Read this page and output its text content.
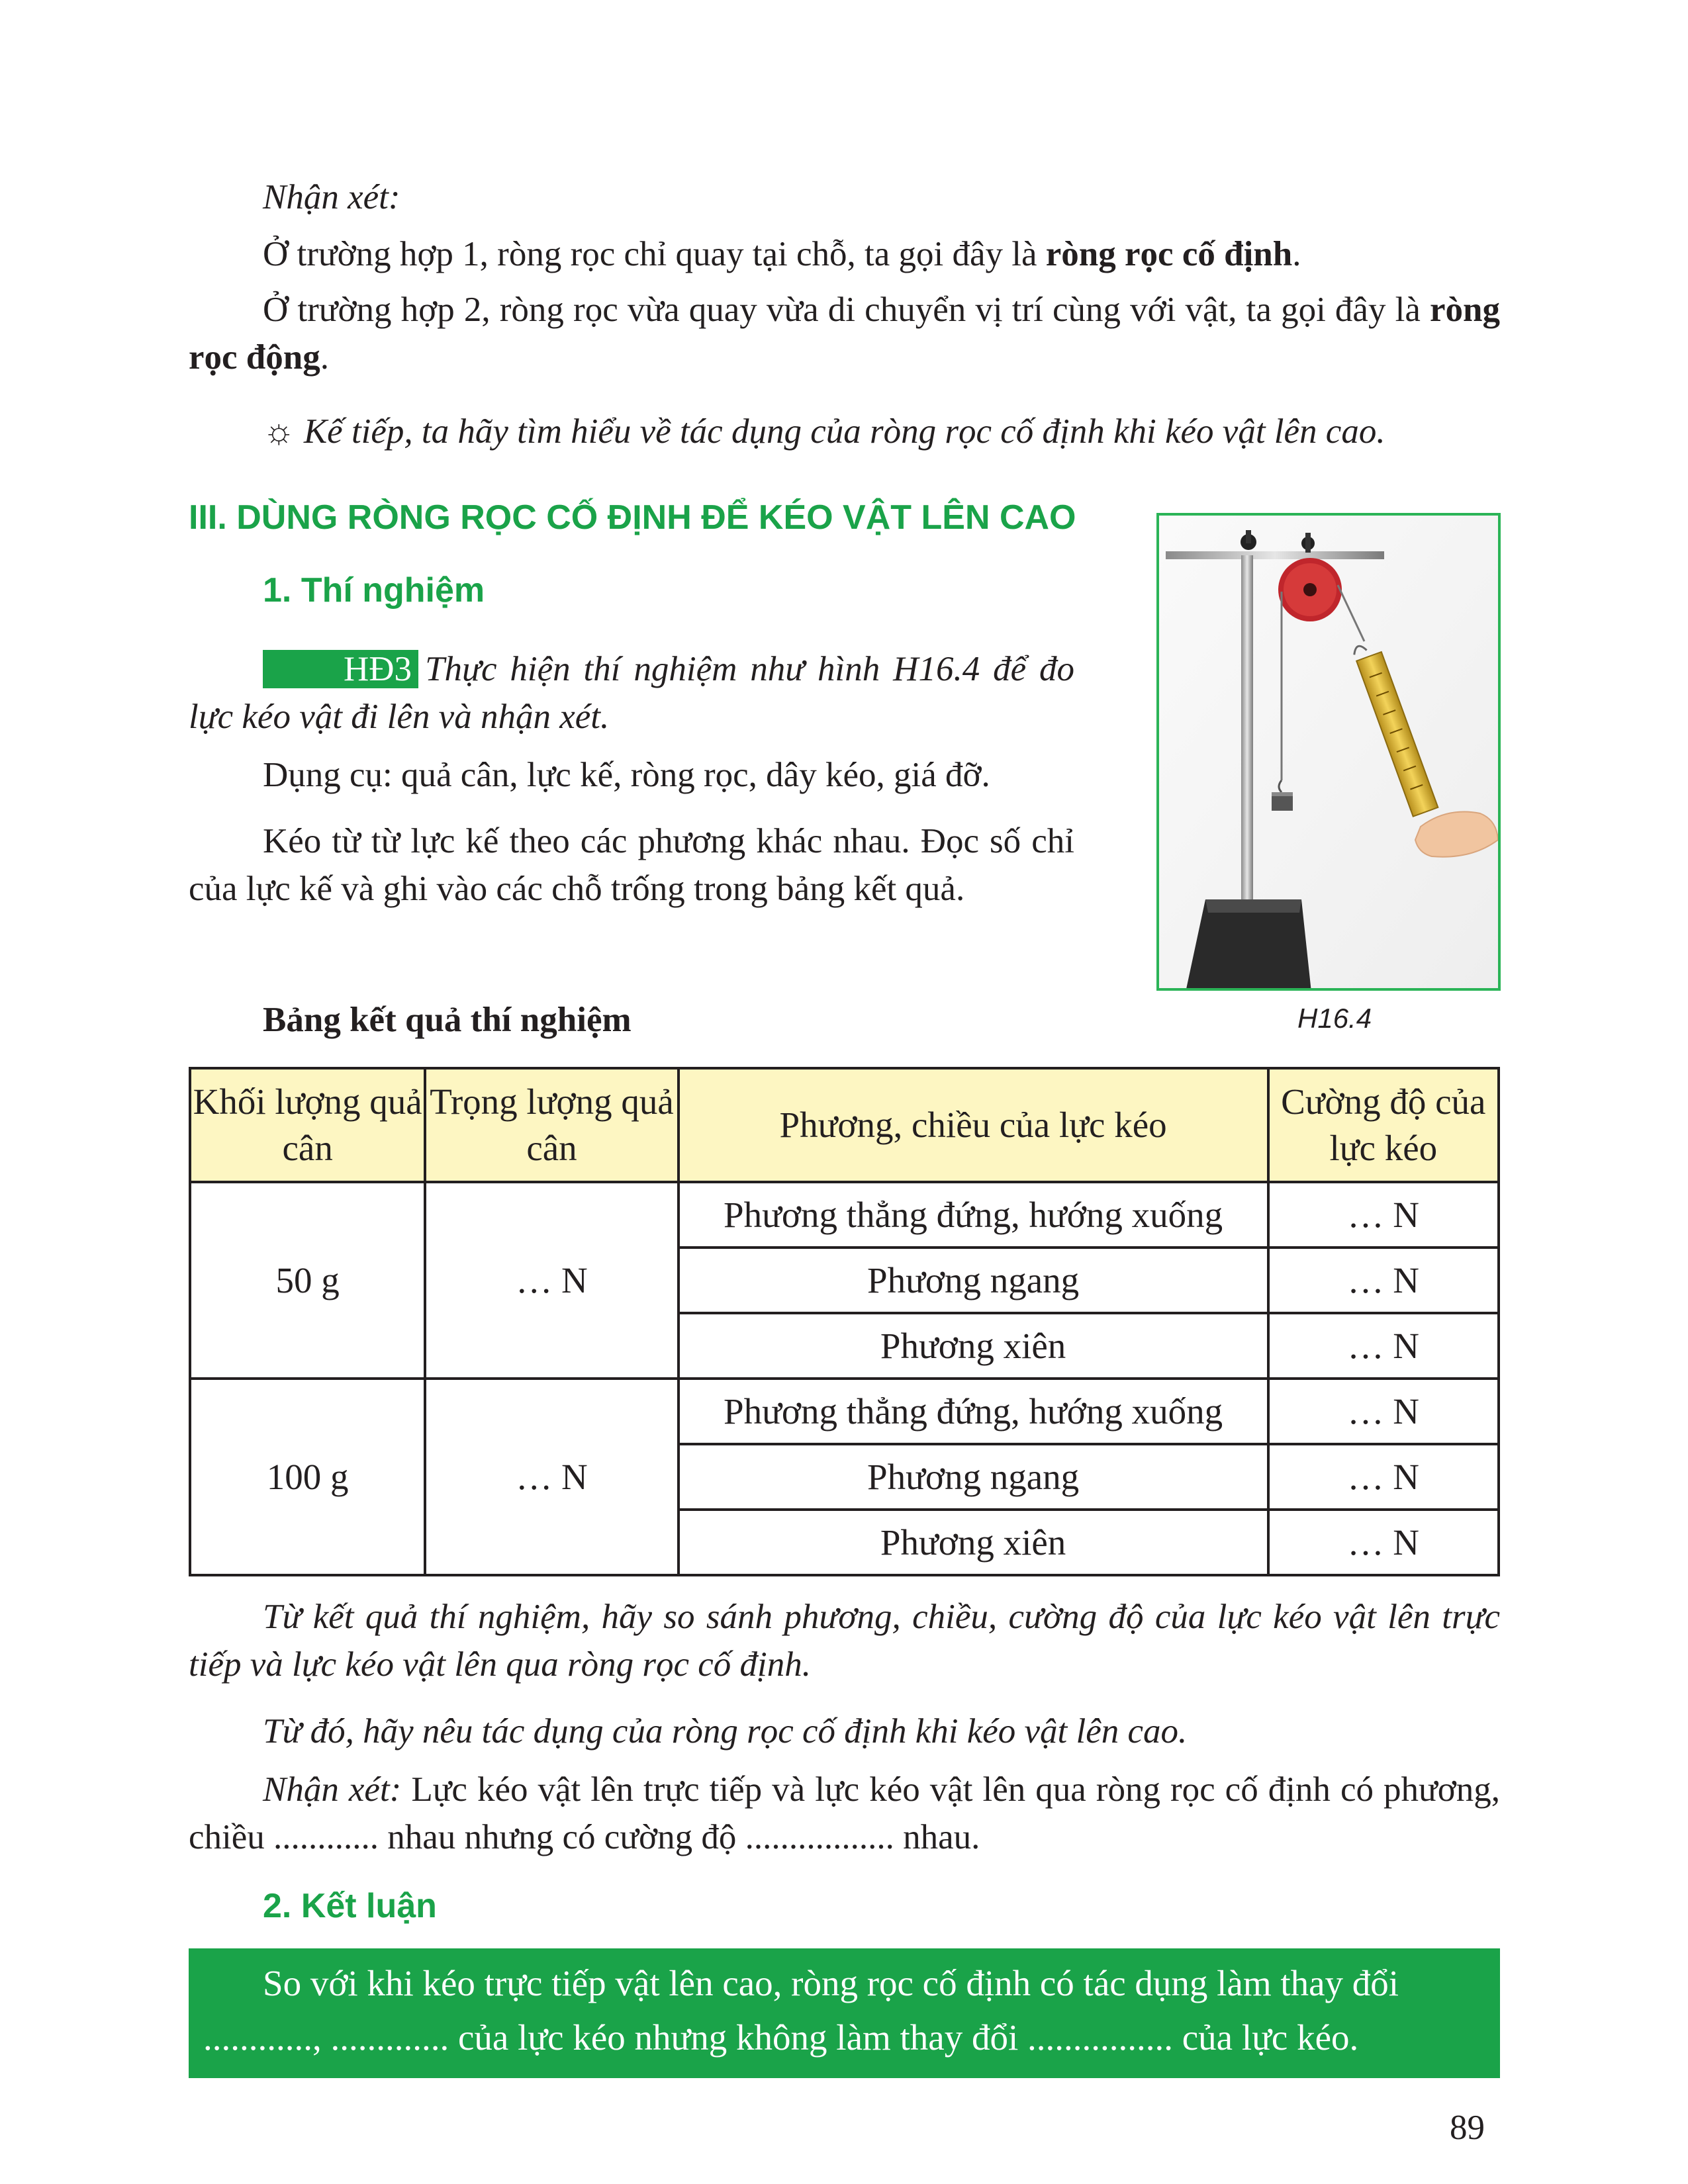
Nhận xét:
Ở trường hợp 1, ròng rọc chỉ quay tại chỗ, ta gọi đây là ròng rọc cố định.
Ở trường hợp 2, ròng rọc vừa quay vừa di chuyển vị trí cùng với vật, ta gọi đây là ròng rọc động.
☼ Kế tiếp, ta hãy tìm hiểu về tác dụng của ròng rọc cố định khi kéo vật lên cao.
III. DÙNG RÒNG RỌC CỐ ĐỊNH ĐỂ KÉO VẬT LÊN CAO
1. Thí nghiệm
HĐ3 Thực hiện thí nghiệm như hình H16.4 để đo lực kéo vật đi lên và nhận xét.
Dụng cụ: quả cân, lực kế, ròng rọc, dây kéo, giá đỡ.
Kéo từ từ lực kế theo các phương khác nhau. Đọc số chỉ của lực kế và ghi vào các chỗ trống trong bảng kết quả.
H16.4
Bảng kết quả thí nghiệm
Khối lượng quả cân	Trọng lượng quả cân	Phương, chiều của lực kéo	Cường độ của lực kéo
50 g	… N	Phương thẳng đứng, hướng xuống	… N
		Phương ngang	… N
		Phương xiên	… N
100 g	… N	Phương thẳng đứng, hướng xuống	… N
		Phương ngang	… N
		Phương xiên	… N
Từ kết quả thí nghiệm, hãy so sánh phương, chiều, cường độ của lực kéo vật lên trực tiếp và lực kéo vật lên qua ròng rọc cố định.
Từ đó, hãy nêu tác dụng của ròng rọc cố định khi kéo vật lên cao.
Nhận xét: Lực kéo vật lên trực tiếp và lực kéo vật lên qua ròng rọc cố định có phương, chiều ............ nhau nhưng có cường độ ................. nhau.
2. Kết luận
So với khi kéo trực tiếp vật lên cao, ròng rọc cố định có tác dụng làm thay đổi
............, ............. của lực kéo nhưng không làm thay đổi ................ của lực kéo.
89
